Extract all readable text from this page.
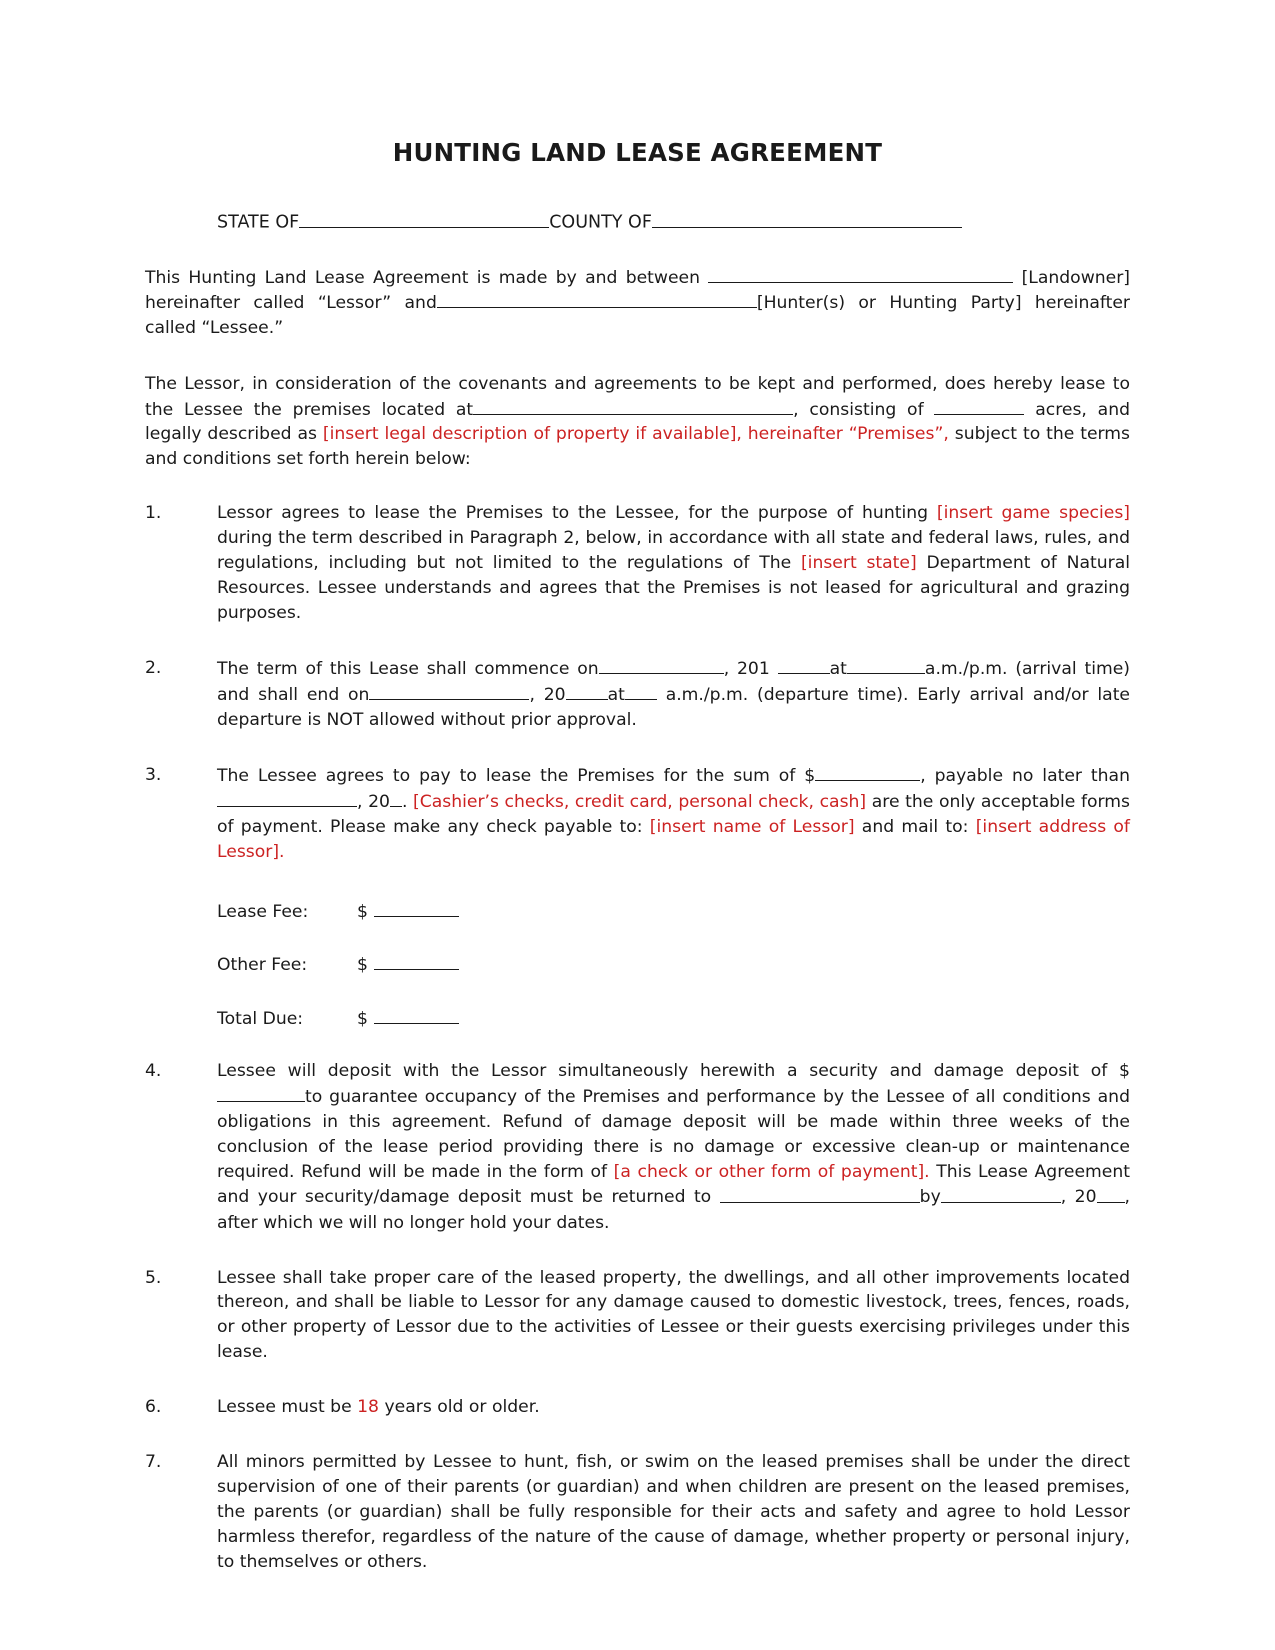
HUNTING LAND LEASE AGREEMENT
STATE OF	COUNTY OF

This Hunting Land Lease Agreement is made by and between	[Landowner] hereinafter called “Lessor” and	[Hunter(s) or Hunting Party] hereinafter called “Lessee.”

The Lessor, in consideration of the covenants and agreements to be kept and performed, does hereby lease to the Lessee the premises located at	, consisting of	acres, and legally described as [insert legal description of property if available], hereinafter “Premises”, subject to the terms and conditions set forth herein below:

1.	Lessor agrees to lease the Premises to the Lessee, for the purpose of hunting [insert game species] during the term described in Paragraph 2, below, in accordance with all state and federal laws, rules, and regulations, including but not limited to the regulations of The [insert state] Department of Natural Resources. Lessee understands and agrees that the Premises is not leased for agricultural and grazing purposes.
2.	The term of this Lease shall commence on	, 201	at	a.m./p.m. (arrival time) and shall end on	, 20 at a.m./p.m. (departure time). Early arrival and/or late departure is NOT allowed without prior approval.
3.	The Lessee agrees to pay to lease the Premises for the sum of $	, payable no later than, 20 . [Cashier’s checks, credit card, personal check, cash] are the only acceptable forms of payment. Please make any check payable to: [insert name of Lessor] and mail to: [insert address of Lessor].
Lease Fee:	$
Other Fee:	$
Total Due:	$
4.	Lessee will deposit with the Lessor simultaneously herewith a security and damage deposit of $to guarantee occupancy of the Premises and performance by the Lessee of all conditions and obligations in this agreement. Refund of damage deposit will be made within three weeks of the conclusion of the lease period providing there is no damage or excessive clean-up or maintenance required. Refund will be made in the form of [a check or other form of payment]. This Lease Agreement and your security/damage deposit must be returned to	by	, 20 , after which we will no longer hold your dates.
5.	Lessee shall take proper care of the leased property, the dwellings, and all other improvements located thereon, and shall be liable to Lessor for any damage caused to domestic livestock, trees, fences, roads, or other property of Lessor due to the activities of Lessee or their guests exercising privileges under this lease.
6.	Lessee must be 18 years old or older.
7.	All minors permitted by Lessee to hunt, fish, or swim on the leased premises shall be under the direct supervision of one of their parents (or guardian) and when children are present on the leased premises, the parents (or guardian) shall be fully responsible for their acts and safety and agree to hold Lessor harmless therefor, regardless of the nature of the cause of damage, whether property or personal injury, to themselves or others.
